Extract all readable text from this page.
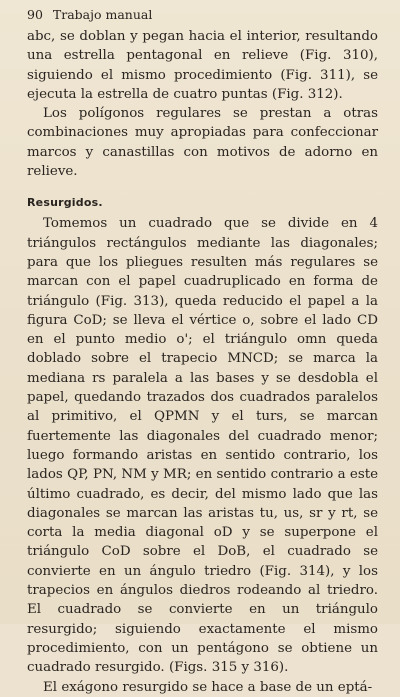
90 Trabajo manual

abc, se doblan y pegan hacia el interior, resultando una estrella pentagonal en relieve (Fig. 310), siguiendo el mismo procedimiento (Fig. 311), se ejecuta la estrella de cuatro puntas (Fig. 312).

Los polígonos regulares se prestan a otras combinaciones muy apropiadas para confeccionar marcos y canastillas con motivos de adorno en relieve.

Resurgidos.

Tomemos un cuadrado que se divide en 4 triángulos rectángulos mediante las diagonales; para que los pliegues resulten más regulares se marcan con el papel cuadruplicado en forma de triángulo (Fig. 313), queda reducido el papel a la figura CoD; se lleva el vértice o, sobre el lado CD en el punto medio o'; el triángulo omn queda doblado sobre el trapecio MNCD; se marca la mediana rs paralela a las bases y se desdobla el papel, quedando trazados dos cuadrados paralelos al primitivo, el QPMN y el turs, se marcan fuertemente las diagonales del cuadrado menor; luego formando aristas en sentido contrario, los lados QP, PN, NM y MR; en sentido contrario a este último cuadrado, es decir, del mismo lado que las diagonales se marcan las aristas tu, us, sr y rt, se corta la media diagonal oD y se superpone el triángulo CoD sobre el DoB, el cuadrado se convierte en un ángulo triedro (Fig. 314), y los trapecios en ángulos diedros rodeando al triedro. El cuadrado se convierte en un triángulo resurgido; siguiendo exactamente el mismo procedimiento, con un pentágono se obtiene un cuadrado resurgido. (Figs. 315 y 316).

El exágono resurgido se hace a base de un eptá-
